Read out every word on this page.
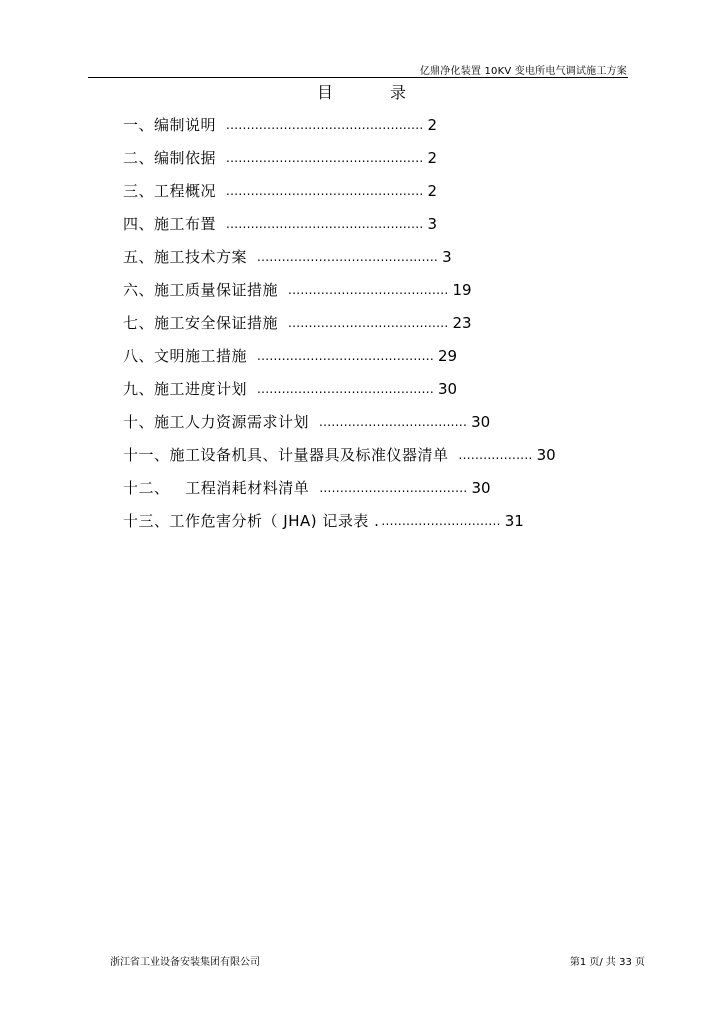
亿鼎净化装置 10KV 变电所电气调试施工方案
目 录
一、编制说明 ................................................ 2
二、编制依据 ................................................ 2
三、工程概况 ................................................ 2
四、施工布置 ................................................ 3
五、施工技术方案 ............................................ 3
六、施工质量保证措施 ....................................... 19
七、施工安全保证措施 ....................................... 23
八、文明施工措施 ........................................... 29
九、施工进度计划 ........................................... 30
十、施工人力资源需求计划 .................................... 30
十一、施工设备机具、计量器具及标准仪器清单 .................. 30
十二、   工程消耗材料清单 .................................... 30
十三、工作危害分析（ JHA) 记录表 . ............................. 31
浙江省工业设备安装集团有限公司	第1 页/ 共 33 页
